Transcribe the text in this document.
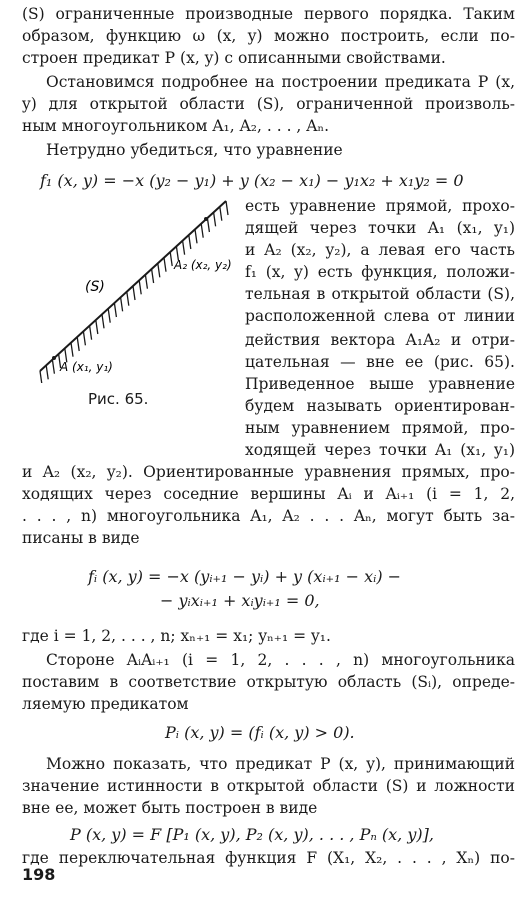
(S) ограниченные производные первого порядка. Таким
образом, функцию ω (x, y) можно построить, если по-
строен предикат P (x, y) с описанными свойствами.
Остановимся подробнее на построении предиката P (x,
y) для открытой области (S), ограниченной произволь-
ным многоугольником A₁, A₂, . . . , Aₙ.
Нетрудно убедиться, что уравнение
f₁ (x, y) = −x (y₂ − y₁) + y (x₂ − x₁) − y₁x₂ + x₁y₂ = 0
(S)
A (x₁, y₁)
A₂ (x₂, y₂)
Рис. 65.
есть уравнение прямой, прохо-
дящей через точки A₁ (x₁, y₁)
и A₂ (x₂, y₂), а левая его часть
f₁ (x, y) есть функция, положи-
тельная в открытой области (S),
расположенной слева от линии
действия вектора A₁A₂ и отри-
цательная — вне ее (рис. 65).
Приведенное выше уравнение
будем называть ориентирован-
ным уравнением прямой, про-
ходящей через точки A₁ (x₁, y₁)
и A₂ (x₂, y₂). Ориентированные уравнения прямых, про-
ходящих через соседние вершины Aᵢ и Aᵢ₊₁ (i = 1, 2,
. . . , n) многоугольника A₁, A₂ . . . Aₙ, могут быть за-
писаны в виде
fᵢ (x, y) = −x (yᵢ₊₁ − yᵢ) + y (xᵢ₊₁ − xᵢ) −
− yᵢxᵢ₊₁ + xᵢyᵢ₊₁ = 0,
где i = 1, 2, . . . , n; xₙ₊₁ = x₁; yₙ₊₁ = y₁.
Стороне AᵢAᵢ₊₁ (i = 1, 2, . . . , n) многоугольника
поставим в соответствие открытую область (Sᵢ), опреде-
ляемую предикатом
Pᵢ (x, y) = (fᵢ (x, y) > 0).
Можно показать, что предикат P (x, y), принимающий
значение истинности в открытой области (S) и ложности
вне ее, может быть построен в виде
P (x, y) = F [P₁ (x, y), P₂ (x, y), . . . , Pₙ (x, y)],
где переключательная функция F (X₁, X₂, . . . , Xₙ) по-
198
